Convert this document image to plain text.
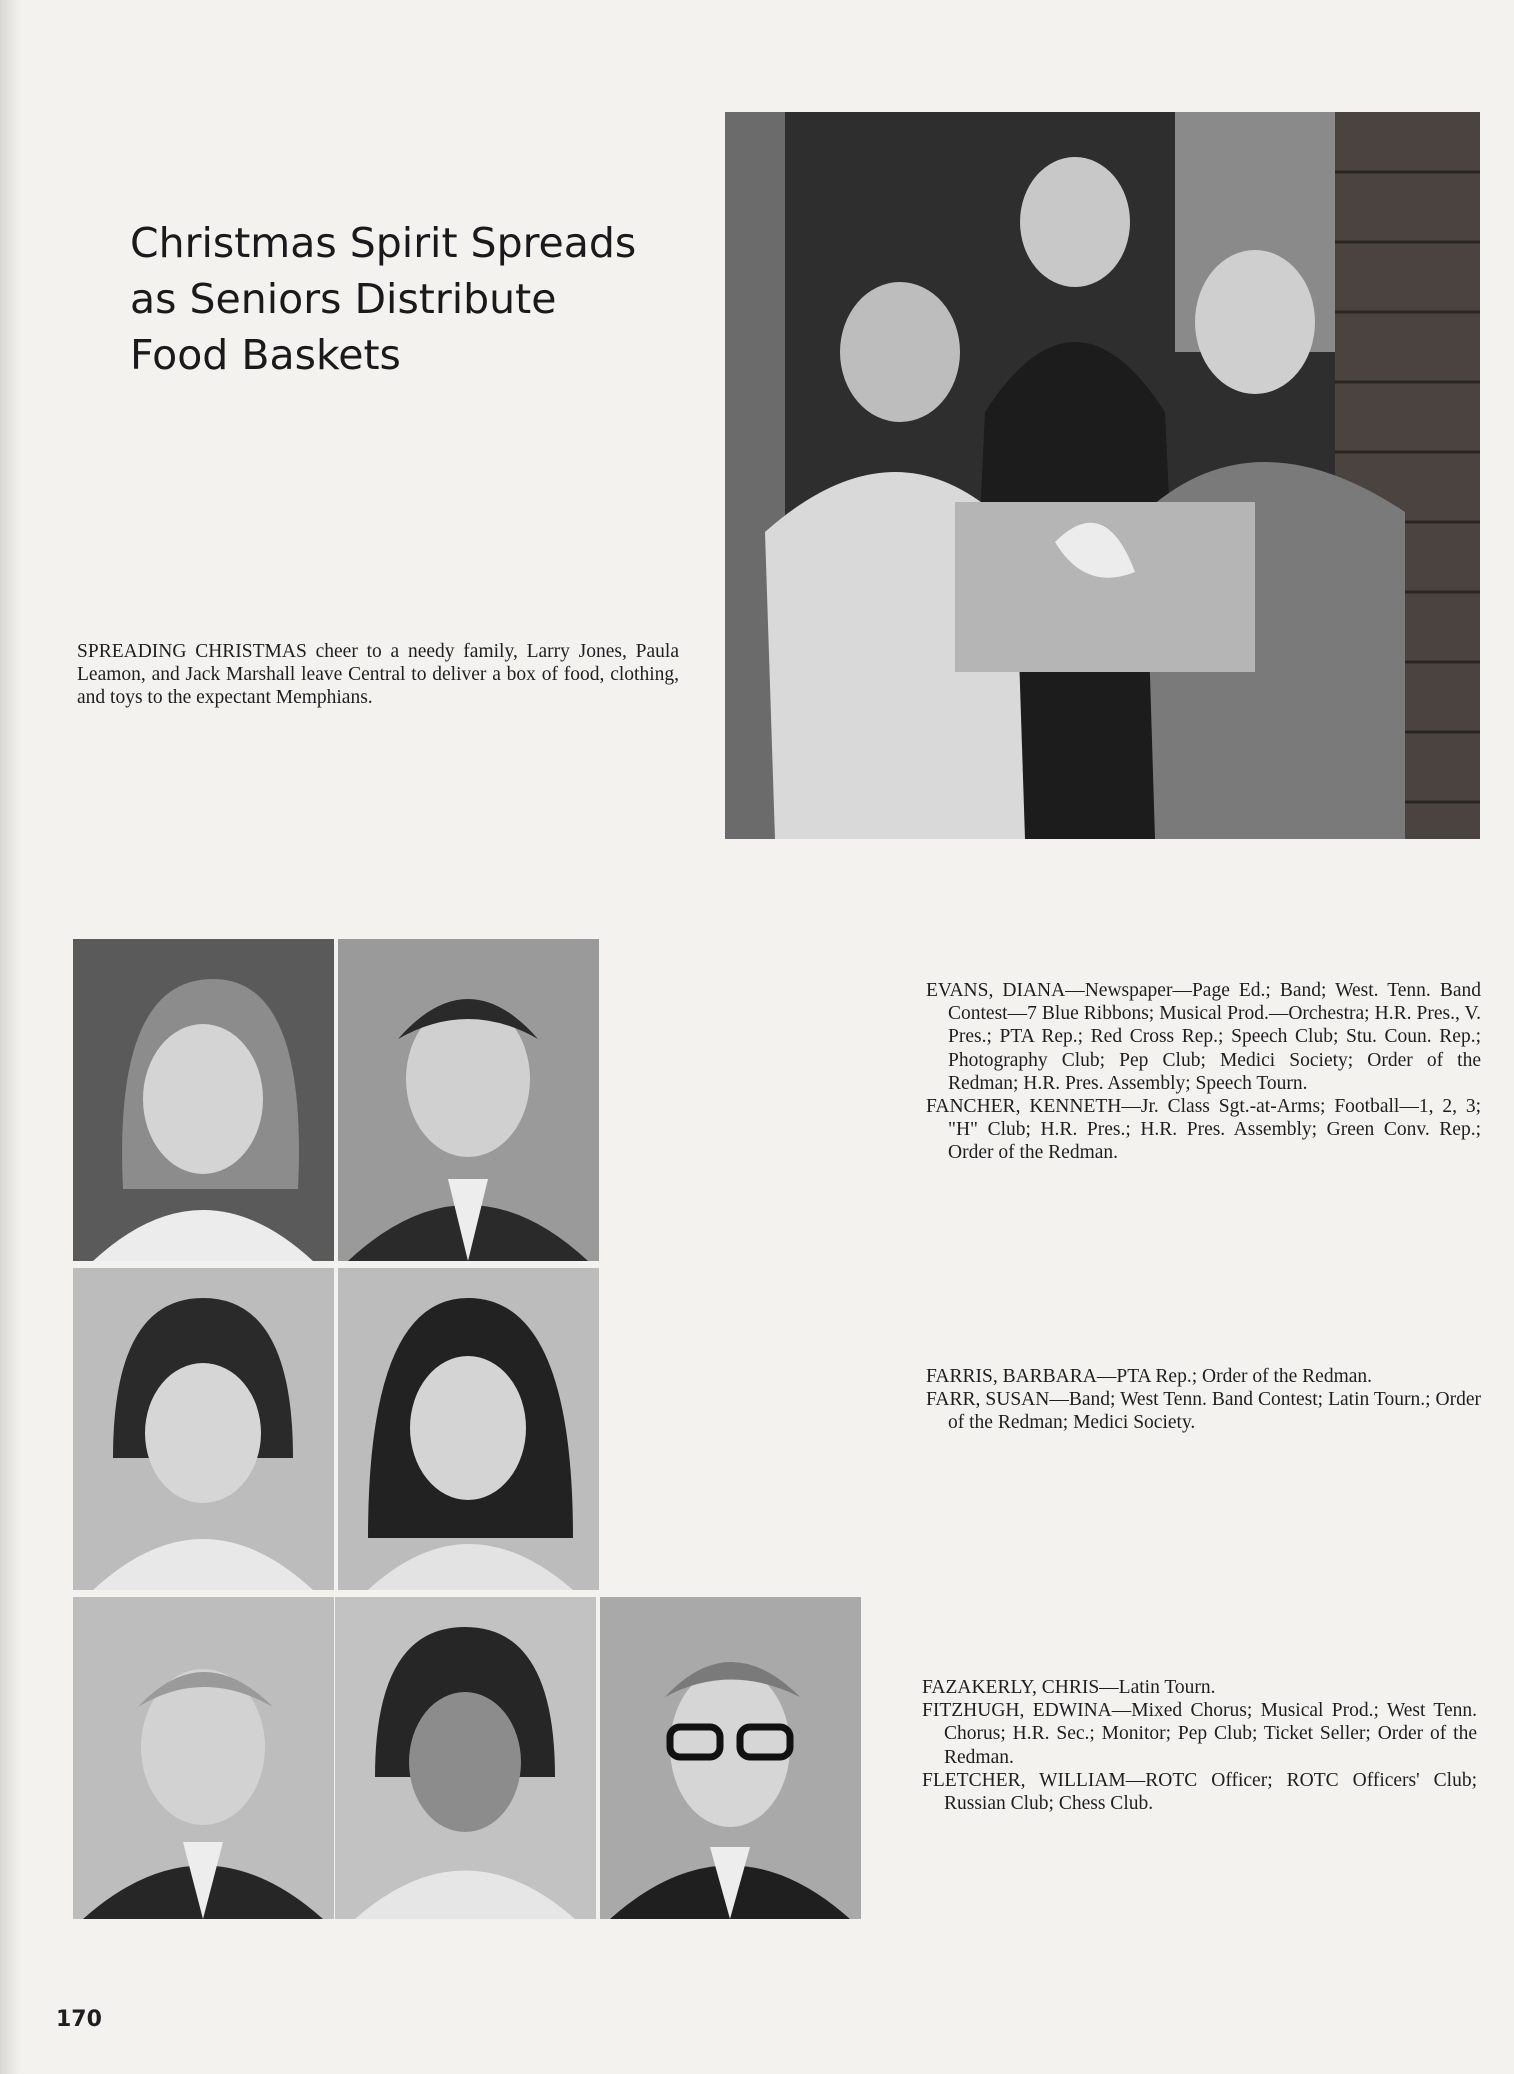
Christmas Spirit Spreads
as Seniors Distribute
Food Baskets

SPREADING CHRISTMAS cheer to a needy family, Larry Jones, Paula Leamon, and Jack Marshall leave Central to deliver a box of food, clothing, and toys to the expectant Memphians.

EVANS, DIANA—Newspaper—Page Ed.; Band; West. Tenn. Band Contest—7 Blue Ribbons; Musical Prod.—Orchestra; H.R. Pres., V. Pres.; PTA Rep.; Red Cross Rep.; Speech Club; Stu. Coun. Rep.; Photography Club; Pep Club; Medici Society; Order of the Redman; H.R. Pres. Assembly; Speech Tourn.

FANCHER, KENNETH—Jr. Class Sgt.-at-Arms; Football—1, 2, 3; "H" Club; H.R. Pres.; H.R. Pres. Assembly; Green Conv. Rep.; Order of the Redman.

FARRIS, BARBARA—PTA Rep.; Order of the Redman.

FARR, SUSAN—Band; West Tenn. Band Contest; Latin Tourn.; Order of the Redman; Medici Society.

FAZAKERLY, CHRIS—Latin Tourn.

FITZHUGH, EDWINA—Mixed Chorus; Musical Prod.; West Tenn. Chorus; H.R. Sec.; Monitor; Pep Club; Ticket Seller; Order of the Redman.

FLETCHER, WILLIAM—ROTC Officer; ROTC Officers' Club; Russian Club; Chess Club.

170
